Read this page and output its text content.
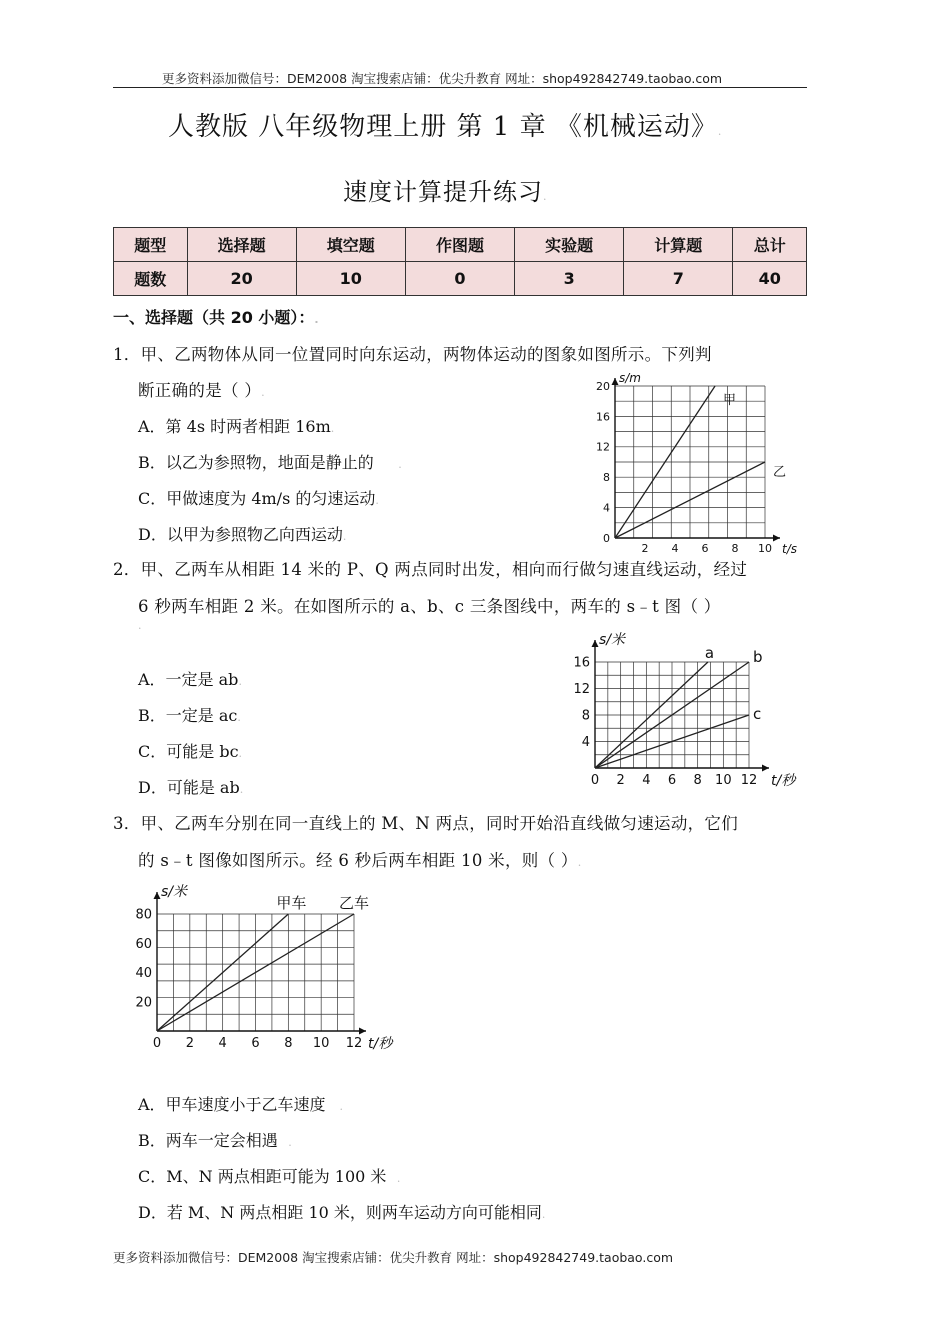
更多资料添加微信号：DEM2008 淘宝搜索店铺：优尖升教育 网址：shop492842749.taobao.com
人教版 八年级物理上册 第 1 章 《机械运动》.
速度计算提升练习.
题型	选择题	填空题	作图题	实验题	计算题	总计
题数	20	10	0	3	7	40
一、选择题（共 20 小题）：.
1．甲、乙两物体从同一位置同时向东运动，两物体运动的图象如图所示。下列判
断正确的是（ ）.
A．第 4s 时两者相距 16m.
B．以乙为参照物，地面是静止的       .
C．甲做速度为 4m/s 的匀速运动.
D．以甲为参照物乙向西运动.
2 4 6 8 10
0
4
8
12
16
20
t/s
s/m
甲
乙
2．甲、乙两车从相距 14 米的 P、Q 两点同时出发，相向而行做匀速直线运动，经过
6 秒两车相距 2 米。在如图所示的 a、b、c 三条图线中，两车的 s﹣t 图（ ）
.
A．一定是 ab.
B．一定是 ac.
C．可能是 bc.
D．可能是 ab.
0 2 4 6 8 10 12
4
8
12
16
t/秒
s/米
a	b
c
3．甲、乙两车分别在同一直线上的 M、N 两点，同时开始沿直线做匀速运动，它们
的 s﹣t 图像如图所示。经 6 秒后两车相距 10 米，则（ ）.
0 2 4 6 8 10 12
20
40
60
80
t/秒
s/米
甲车 乙车
A．甲车速度小于乙车速度    .
B．两车一定会相遇   .
C．M、N 两点相距可能为 100 米   .
D．若 M、N 两点相距 10 米，则两车运动方向可能相同.
更多资料添加微信号：DEM2008 淘宝搜索店铺：优尖升教育 网址：shop492842749.taobao.com
